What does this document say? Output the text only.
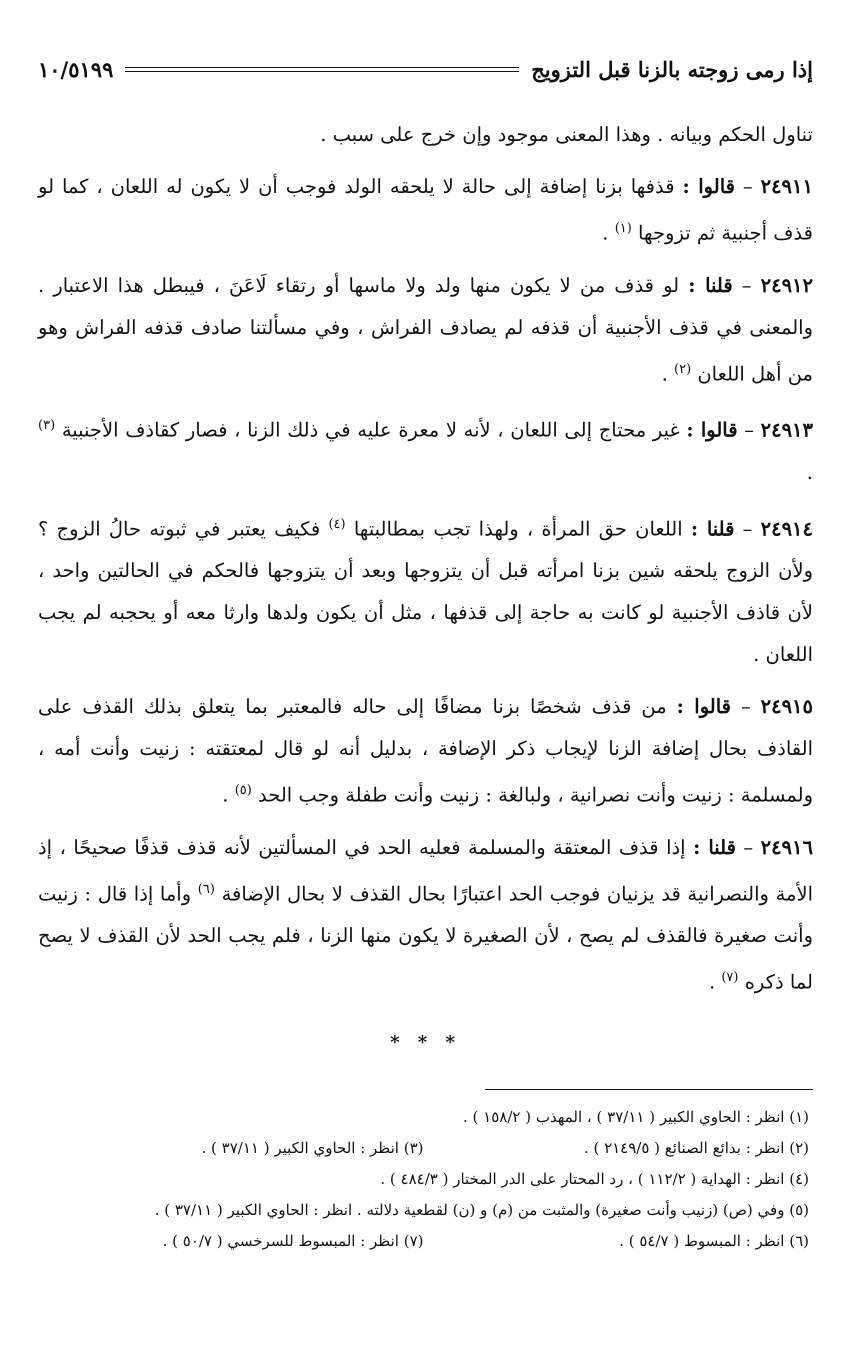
إذا رمى زوجته بالزنا قبل التزويج
١٠/٥١٩٩

تناول الحكم وبيانه . وهذا المعنى موجود وإن خرج على سبب .

٢٤٩١١ – قالوا : قذفها بزنا إضافة إلى حالة لا يلحقه الولد فوجب أن لا يكون له اللعان ، كما لو قذف أجنبية ثم تزوجها $^{(١)}$ .

٢٤٩١٢ – قلنا : لو قذف من لا يكون منها ولد ولا ماسها أو رتقاء لَاعَنَ ، فيبطل هذا الاعتبار . والمعنى في قذف الأجنبية أن قذفه لم يصادف الفراش ، وفي مسألتنا صادف قذفه الفراش وهو من أهل اللعان $^{(٢)}$ .

٢٤٩١٣ – قالوا : غير محتاج إلى اللعان ، لأنه لا معرة عليه في ذلك الزنا ، فصار كقاذف الأجنبية $^{(٣)}$ .

٢٤٩١٤ – قلنا : اللعان حق المرأة ، ولهذا تجب بمطالبتها $^{(٤)}$ فكيف يعتبر في ثبوته حالُ الزوج ؟ ولأن الزوج يلحقه شين بزنا امرأته قبل أن يتزوجها وبعد أن يتزوجها فالحكم في الحالتين واحد ، لأن قاذف الأجنبية لو كانت به حاجة إلى قذفها ، مثل أن يكون ولدها وارثا معه أو يحجبه لم يجب اللعان .

٢٤٩١٥ – قالوا : من قذف شخصًا بزنا مضافًا إلى حاله فالمعتبر بما يتعلق بذلك القذف على القاذف بحال إضافة الزنا لإيجاب ذكر الإضافة ، بدليل أنه لو قال لمعتقته : زنيت وأنت أمه ، ولمسلمة : زنيت وأنت نصرانية ، ولبالغة : زنيت وأنت طفلة وجب الحد $^{(٥)}$ .

٢٤٩١٦ – قلنا : إذا قذف المعتقة والمسلمة فعليه الحد في المسألتين لأنه قذف قذفًا صحيحًا ، إذ الأمة والنصرانية قد يزنيان فوجب الحد اعتبارًا بحال القذف لا بحال الإضافة $^{(٦)}$ وأما إذا قال : زنيت وأنت صغيرة فالقذف لم يصح ، لأن الصغيرة لا يكون منها الزنا ، فلم يجب الحد لأن القذف لا يصح لما ذكره $^{(٧)}$ .

* * *
(١) انظر : الحاوي الكبير ( ٣٧/١١ ) ، المهذب ( ١٥٨/٢ ) .
(٢) انظر : بدائع الصنائع ( ٢١٤٩/٥ ) .
(٣) انظر : الحاوي الكبير ( ٣٧/١١ ) .
(٤) انظر : الهداية ( ١١٢/٢ ) ، رد المحتار على الدر المختار ( ٤٨٤/٣ ) .
(٥) وفي (ص) (زنيب وأنت صغيرة) والمثبت من (م) و (ن) لقطعية دلالته . انظر : الحاوي الكبير ( ٣٧/١١ ) .
(٦) انظر : المبسوط ( ٥٤/٧ ) .
(٧) انظر : المبسوط للسرخسي ( ٥٠/٧ ) .
